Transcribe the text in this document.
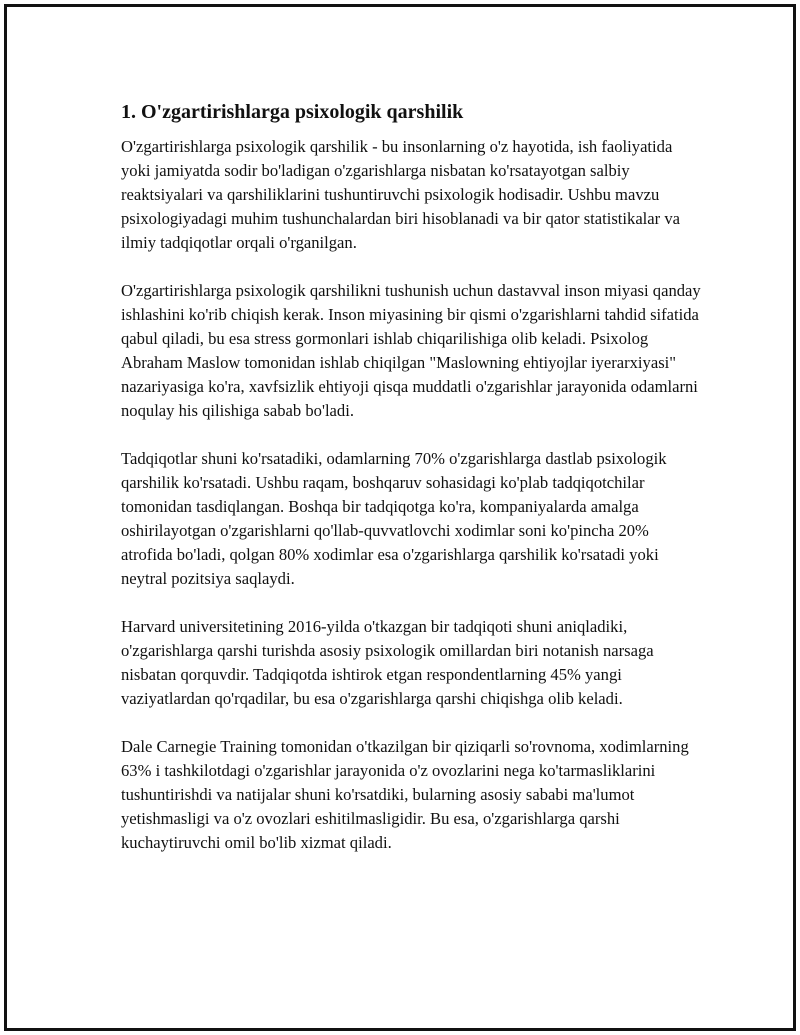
1. O'zgartirishlarga psixologik qarshilik

O'zgartirishlarga psixologik qarshilik - bu insonlarning o'z hayotida, ish faoliyatida yoki jamiyatda sodir bo'ladigan o'zgarishlarga nisbatan ko'rsatayotgan salbiy reaktsiyalari va qarshiliklarini tushuntiruvchi psixologik hodisadir. Ushbu mavzu psixologiyadagi muhim tushunchalardan biri hisoblanadi va bir qator statistikalar va ilmiy tadqiqotlar orqali o'rganilgan.

O'zgartirishlarga psixologik qarshilikni tushunish uchun dastavval inson miyasi qanday ishlashini ko'rib chiqish kerak. Inson miyasining bir qismi o'zgarishlarni tahdid sifatida qabul qiladi, bu esa stress gormonlari ishlab chiqarilishiga olib keladi. Psixolog Abraham Maslow tomonidan ishlab chiqilgan "Maslowning ehtiyojlar iyerarxiyasi" nazariyasiga ko'ra, xavfsizlik ehtiyoji qisqa muddatli o'zgarishlar jarayonida odamlarni noqulay his qilishiga sabab bo'ladi.

Tadqiqotlar shuni ko'rsatadiki, odamlarning 70% o'zgarishlarga dastlab psixologik qarshilik ko'rsatadi. Ushbu raqam, boshqaruv sohasidagi ko'plab tadqiqotchilar tomonidan tasdiqlangan. Boshqa bir tadqiqotga ko'ra, kompaniyalarda amalga oshirilayotgan o'zgarishlarni qo'llab-quvvatlovchi xodimlar soni ko'pincha 20% atrofida bo'ladi, qolgan 80% xodimlar esa o'zgarishlarga qarshilik ko'rsatadi yoki neytral pozitsiya saqlaydi.

Harvard universitetining 2016-yilda o'tkazgan bir tadqiqoti shuni aniqladiki, o'zgarishlarga qarshi turishda asosiy psixologik omillardan biri notanish narsaga nisbatan qorquvdir. Tadqiqotda ishtirok etgan respondentlarning 45% yangi vaziyatlardan qo'rqadilar, bu esa o'zgarishlarga qarshi chiqishga olib keladi.

Dale Carnegie Training tomonidan o'tkazilgan bir qiziqarli so'rovnoma, xodimlarning 63% i tashkilotdagi o'zgarishlar jarayonida o'z ovozlarini nega ko'tarmasliklarini tushuntirishdi va natijalar shuni ko'rsatdiki, bularning asosiy sababi ma'lumot yetishmasligi va o'z ovozlari eshitilmasligidir. Bu esa, o'zgarishlarga qarshi kuchaytiruvchi omil bo'lib xizmat qiladi.
